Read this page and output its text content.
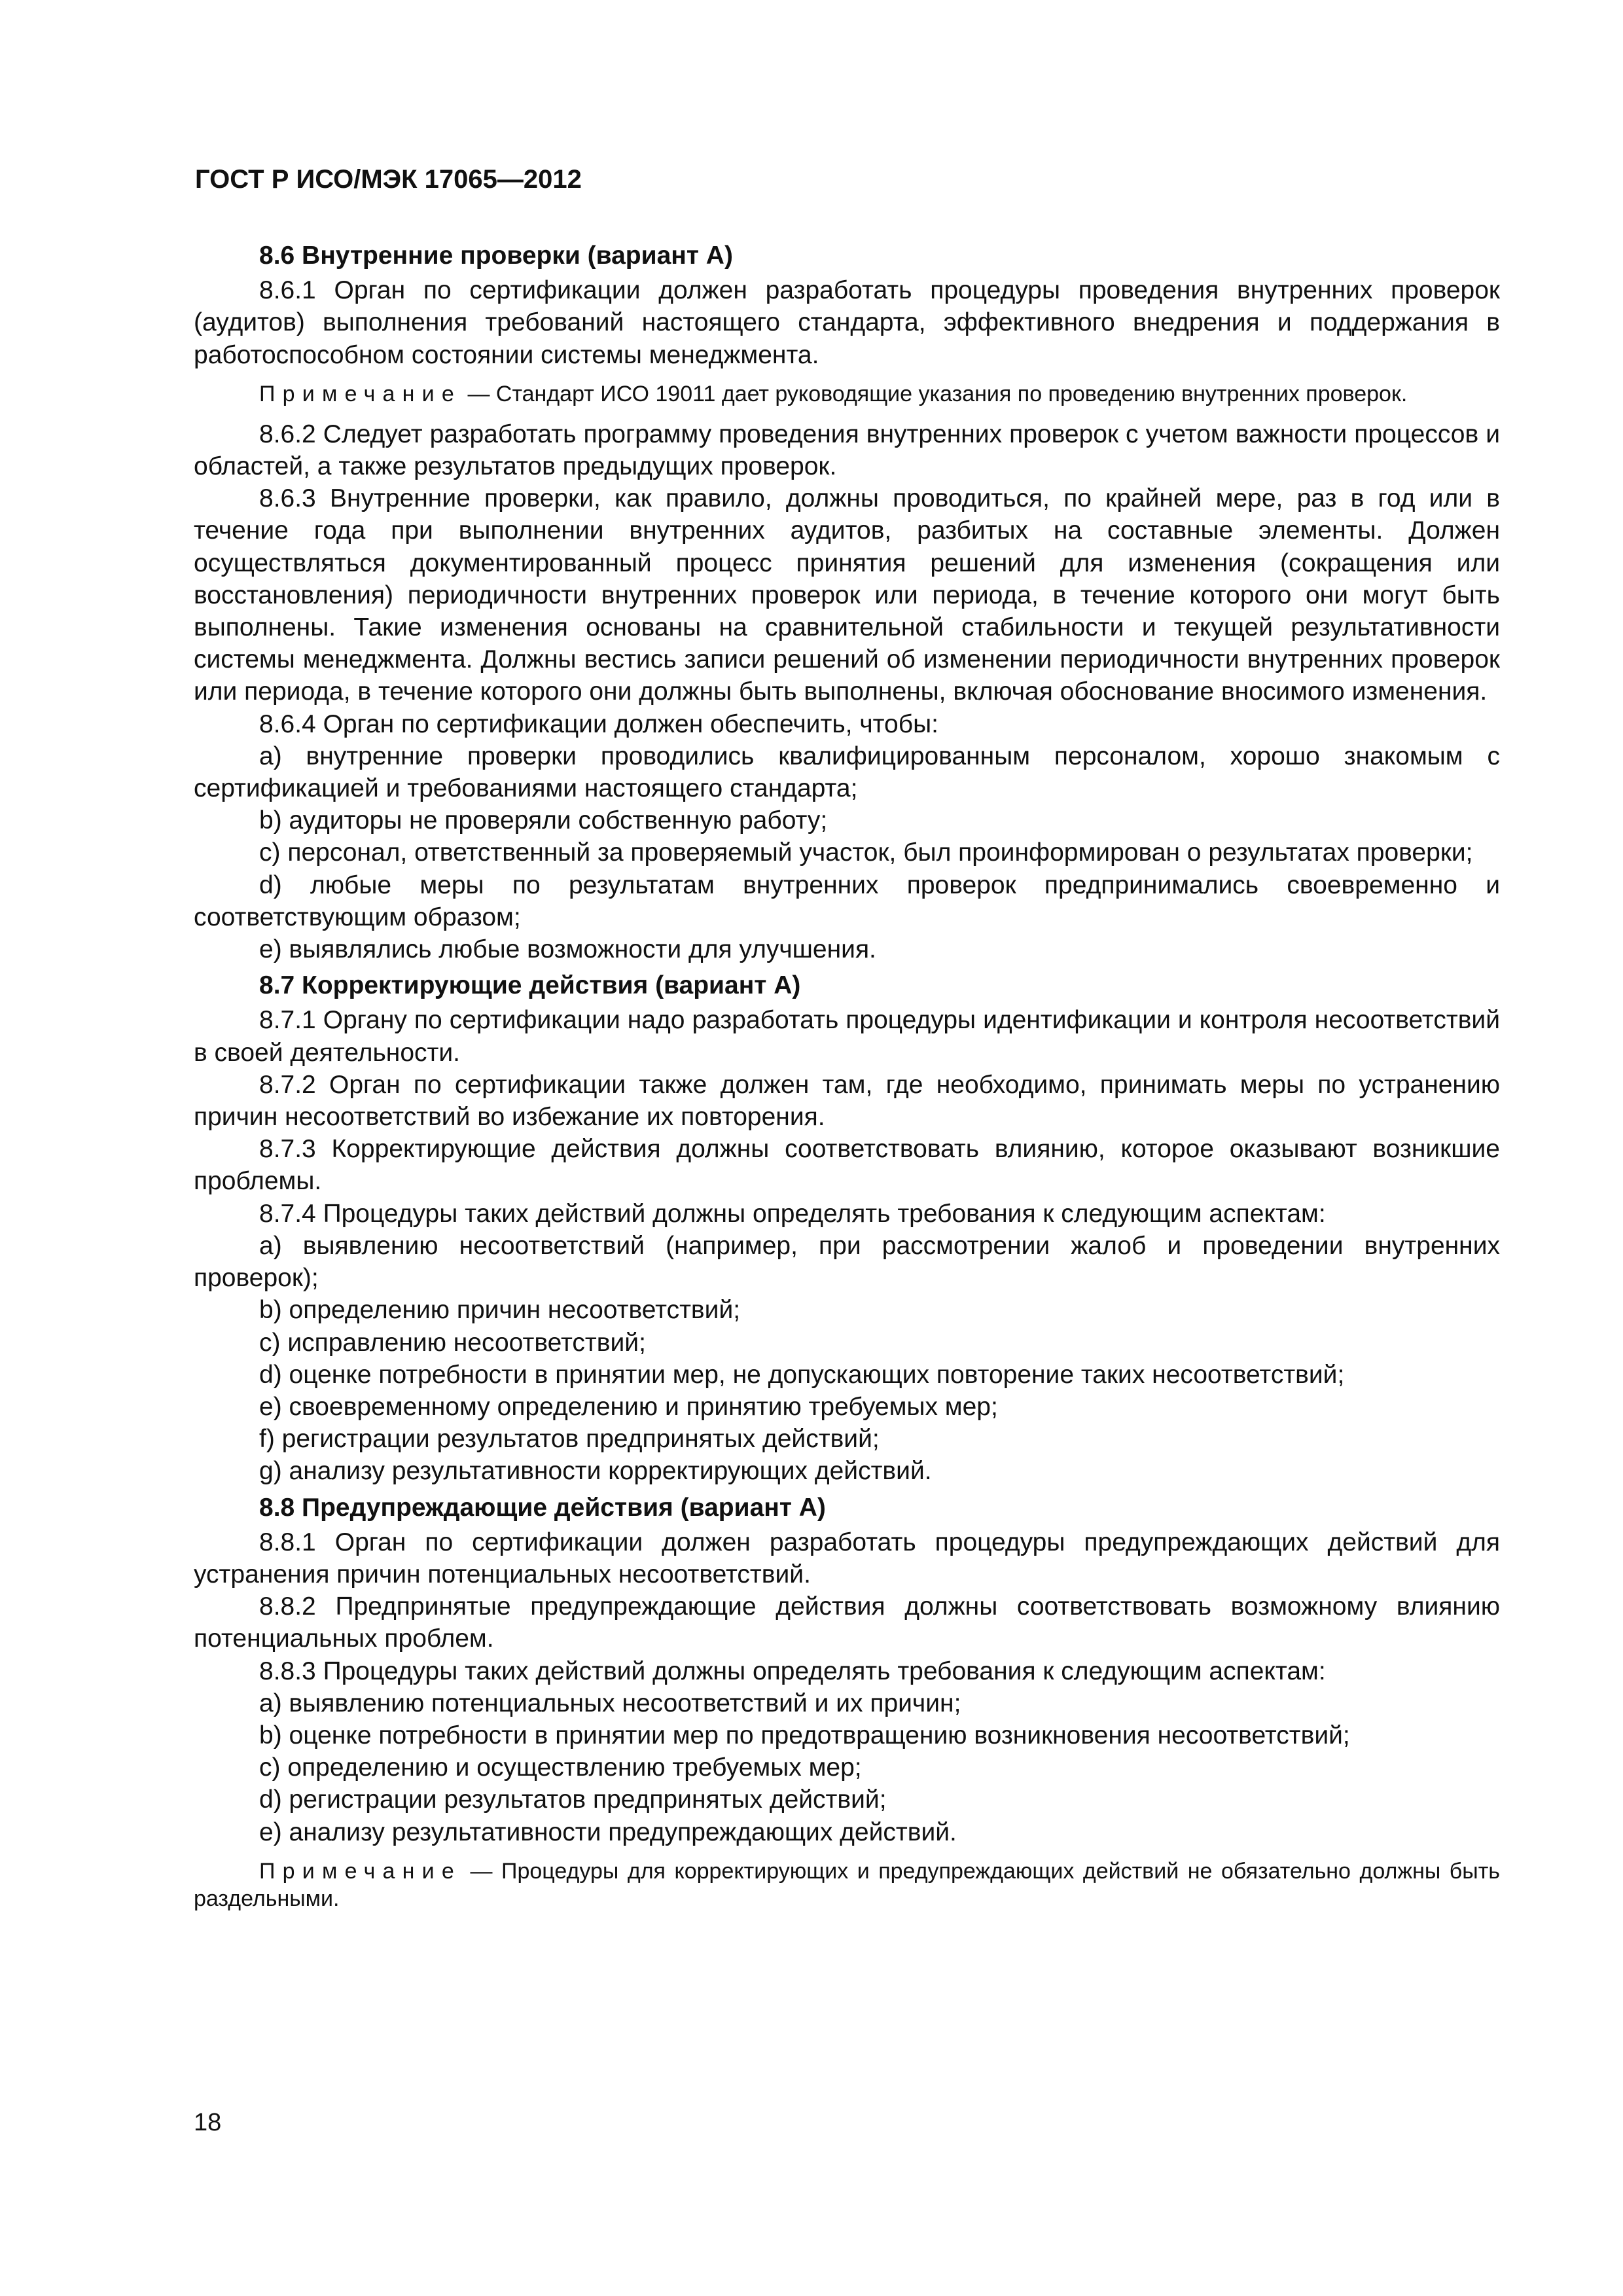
ГОСТ Р ИСО/МЭК 17065—2012

8.6 Внутренние проверки (вариант А)

8.6.1 Орган по сертификации должен разработать процедуры проведения внутренних проверок (аудитов) выполнения требований настоящего стандарта, эффективного внедрения и поддержания в работоспособном состоянии системы менеджмента.

Примечание — Стандарт ИСО 19011 дает руководящие указания по проведению внутренних проверок.

8.6.2 Следует разработать программу проведения внутренних проверок с учетом важности процессов и областей, а также результатов предыдущих проверок.

8.6.3 Внутренние проверки, как правило, должны проводиться, по крайней мере, раз в год или в течение года при выполнении внутренних аудитов, разбитых на составные элементы. Должен осуществляться документированный процесс принятия решений для изменения (сокращения или восстановления) периодичности внутренних проверок или периода, в течение которого они могут быть выполнены. Такие изменения основаны на сравнительной стабильности и текущей результативности системы менеджмента. Должны вестись записи решений об изменении периодичности внутренних проверок или периода, в течение которого они должны быть выполнены, включая обоснование вносимого изменения.

8.6.4 Орган по сертификации должен обеспечить, чтобы:

а) внутренние проверки проводились квалифицированным персоналом, хорошо знакомым с сертификацией и требованиями настоящего стандарта;

b) аудиторы не проверяли собственную работу;

с) персонал, ответственный за проверяемый участок, был проинформирован о результатах проверки;

d) любые меры по результатам внутренних проверок предпринимались своевременно и соответствующим образом;

е) выявлялись любые возможности для улучшения.

8.7 Корректирующие действия (вариант А)

8.7.1 Органу по сертификации надо разработать процедуры идентификации и контроля несоответствий в своей деятельности.

8.7.2 Орган по сертификации также должен там, где необходимо, принимать меры по устранению причин несоответствий во избежание их повторения.

8.7.3 Корректирующие действия должны соответствовать влиянию, которое оказывают возникшие проблемы.

8.7.4 Процедуры таких действий должны определять требования к следующим аспектам:

а) выявлению несоответствий (например, при рассмотрении жалоб и проведении внутренних проверок);

b) определению причин несоответствий;

с) исправлению несоответствий;

d) оценке потребности в принятии мер, не допускающих повторение таких несоответствий;

е) своевременному определению и принятию требуемых мер;

f) регистрации результатов предпринятых действий;

g) анализу результативности корректирующих действий.

8.8 Предупреждающие действия (вариант А)

8.8.1 Орган по сертификации должен разработать процедуры предупреждающих действий для устранения причин потенциальных несоответствий.

8.8.2 Предпринятые предупреждающие действия должны соответствовать возможному влиянию потенциальных проблем.

8.8.3 Процедуры таких действий должны определять требования к следующим аспектам:

а) выявлению потенциальных несоответствий и их причин;

b) оценке потребности в принятии мер по предотвращению возникновения несоответствий;

с) определению и осуществлению требуемых мер;

d) регистрации результатов предпринятых действий;

е) анализу результативности предупреждающих действий.

Примечание — Процедуры для корректирующих и предупреждающих действий не обязательно должны быть раздельными.

18
